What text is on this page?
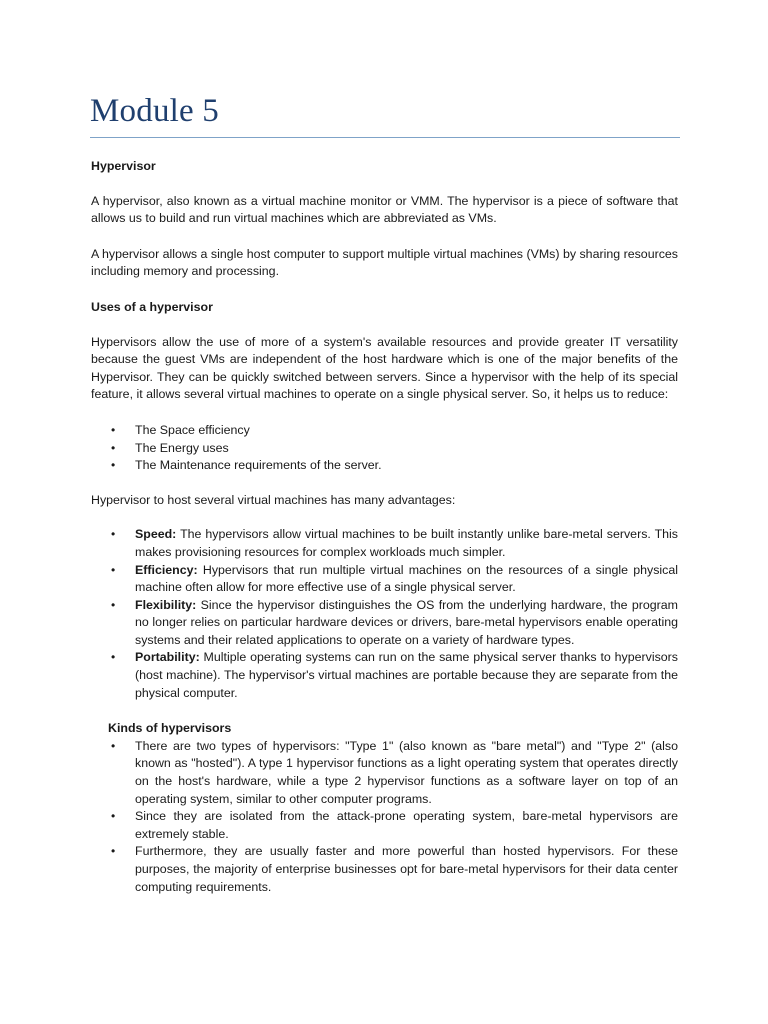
Module 5
Hypervisor

A hypervisor, also known as a virtual machine monitor or VMM. The hypervisor is a piece of software that allows us to build and run virtual machines which are abbreviated as VMs.

A hypervisor allows a single host computer to support multiple virtual machines (VMs) by sharing resources including memory and processing.

Uses of a hypervisor

Hypervisors allow the use of more of a system's available resources and provide greater IT versatility because the guest VMs are independent of the host hardware which is one of the major benefits of the Hypervisor. They can be quickly switched between servers. Since a hypervisor with the help of its special feature, it allows several virtual machines to operate on a single physical server. So, it helps us to reduce:

• The Space efficiency
• The Energy uses
• The Maintenance requirements of the server.

Hypervisor to host several virtual machines has many advantages:

• Speed: The hypervisors allow virtual machines to be built instantly unlike bare-metal servers. This makes provisioning resources for complex workloads much simpler.
• Efficiency: Hypervisors that run multiple virtual machines on the resources of a single physical machine often allow for more effective use of a single physical server.
• Flexibility: Since the hypervisor distinguishes the OS from the underlying hardware, the program no longer relies on particular hardware devices or drivers, bare-metal hypervisors enable operating systems and their related applications to operate on a variety of hardware types.
• Portability: Multiple operating systems can run on the same physical server thanks to hypervisors (host machine). The hypervisor's virtual machines are portable because they are separate from the physical computer.
Kinds of hypervisors
• There are two types of hypervisors: "Type 1" (also known as "bare metal") and "Type 2" (also known as "hosted"). A type 1 hypervisor functions as a light operating system that operates directly on the host's hardware, while a type 2 hypervisor functions as a software layer on top of an operating system, similar to other computer programs.
• Since they are isolated from the attack-prone operating system, bare-metal hypervisors are extremely stable.
• Furthermore, they are usually faster and more powerful than hosted hypervisors. For these purposes, the majority of enterprise businesses opt for bare-metal hypervisors for their data center computing requirements.
